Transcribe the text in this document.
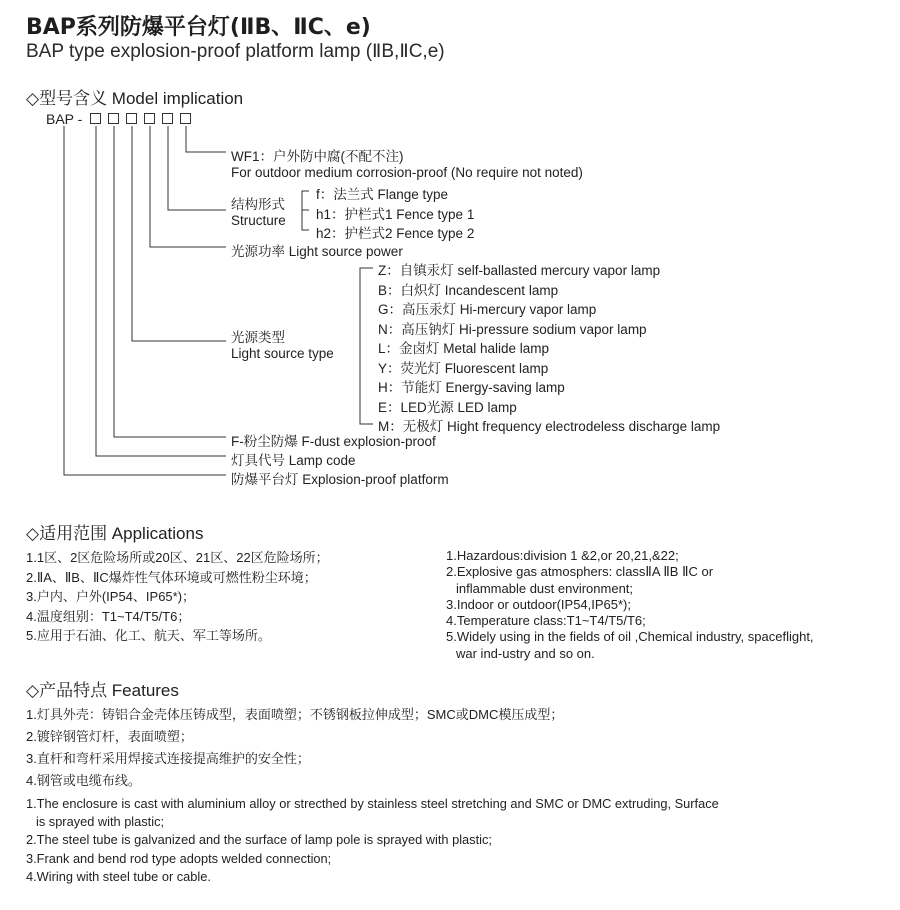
BAP系列防爆平台灯(ⅡB、ⅡC、e)
BAP type explosion-proof platform lamp (ⅡB,ⅡC,e)
◇型号含义 Model implication
BAP -
WF1：户外防中腐(不配不注)
For outdoor medium corrosion-proof (No require not noted)
结构形式
Structure
f：法兰式 Flange type
h1：护栏式1 Fence type 1
h2：护栏式2 Fence type 2
光源功率 Light source power
光源类型
Light source type
Z：自镇汞灯 self-ballasted mercury vapor lamp
B：白炽灯 Incandescent lamp
G：高压汞灯 Hi-mercury vapor lamp
N：高压钠灯 Hi-pressure sodium vapor lamp
L：金卤灯 Metal halide lamp
Y：荧光灯 Fluorescent lamp
H：节能灯 Energy-saving lamp
E：LED光源 LED lamp
M：无极灯 Hight frequency electrodeless discharge lamp
F-粉尘防爆 F-dust explosion-proof
灯具代号 Lamp code
防爆平台灯 Explosion-proof platform
◇适用范围 Applications
1.1区、2区危险场所或20区、21区、22区危险场所；
2.ⅡA、ⅡB、ⅡC爆炸性气体环境或可燃性粉尘环境；
3.户内、户外(IP54、IP65*)；
4.温度组别：T1~T4/T5/T6；
5.应用于石油、化工、航天、军工等场所。
1.Hazardous:division 1 &2,or 20,21,&22;
2.Explosive gas atmosphers: classⅡA ⅡB ⅡC or
inflammable dust environment;
3.Indoor or outdoor(IP54,IP65*);
4.Temperature class:T1~T4/T5/T6;
5.Widely using in the fields of oil ,Chemical industry, spaceflight,
war ind-ustry and so on.
◇产品特点 Features
1.灯具外壳：铸铝合金壳体压铸成型，表面喷塑；不锈钢板拉伸成型；SMC或DMC模压成型；
2.镀锌钢管灯杆，表面喷塑；
3.直杆和弯杆采用焊接式连接提高维护的安全性；
4.钢管或电缆布线。
1.The enclosure is cast with aluminium alloy or strecthed by stainless steel stretching and SMC or DMC extruding, Surface
is sprayed with plastic;
2.The steel tube is galvanized and the surface of lamp pole is sprayed with plastic;
3.Frank and bend rod type adopts welded connection;
4.Wiring with steel tube or cable.
